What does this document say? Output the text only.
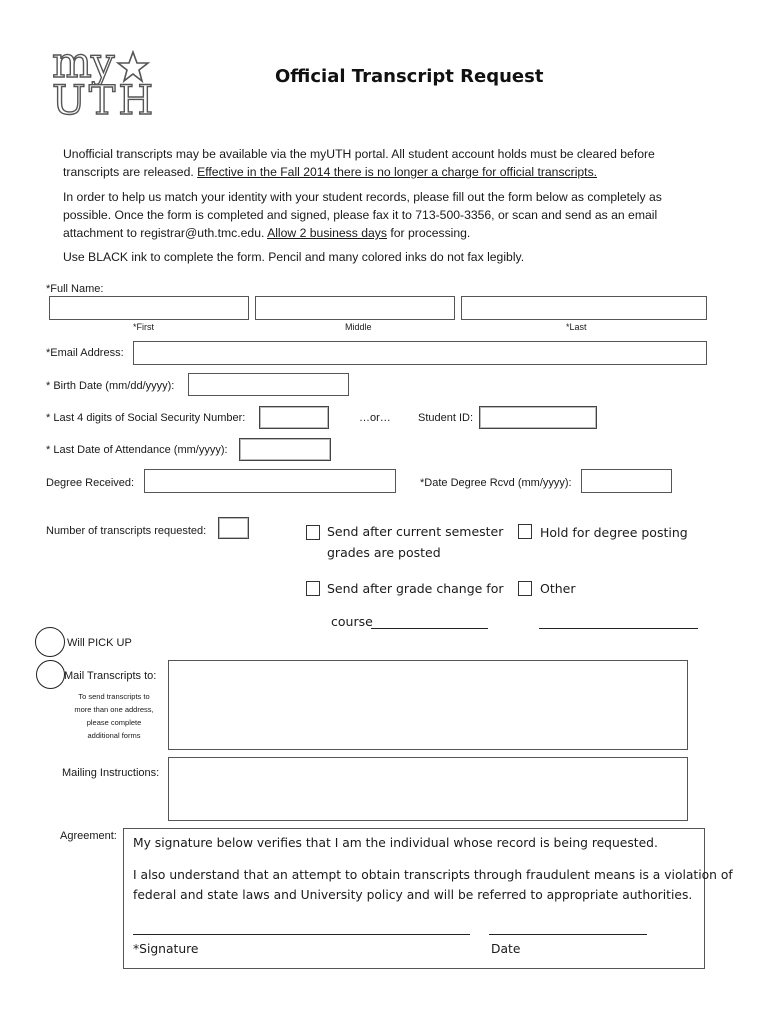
my
UTH
Official Transcript Request
Unofficial transcripts may be available via the myUTH portal. All student account holds must be cleared before
transcripts are released. Effective in the Fall 2014 there is no longer a charge for official transcripts.
In order to help us match your identity with your student records, please fill out the form below as completely as
possible. Once the form is completed and signed, please fax it to 713-500-3356, or scan and send as an email
attachment to registrar@uth.tmc.edu. Allow 2 business days for processing.
Use BLACK ink to complete the form. Pencil and many colored inks do not fax legibly.
*Full Name:
*First	Middle	*Last
*Email Address:
* Birth Date (mm/dd/yyyy):
* Last 4 digits of Social Security Number:	…or… Student ID:
* Last Date of Attendance (mm/yyyy):
Degree Received:	*Date Degree Rcvd (mm/yyyy):
Number of transcripts requested:	Send after current semester
grades are posted
Hold for degree posting
Send after grade change for	Other
course
Will PICK UP
Mail Transcripts to:
To send transcripts to
more than one address,
please complete
additional forms
Mailing Instructions:
Agreement: My signature below verifies that I am the individual whose record is being requested.
I also understand that an attempt to obtain transcripts through fraudulent means is a violation of
federal and state laws and University policy and will be referred to appropriate authorities.
*Signature	Date
